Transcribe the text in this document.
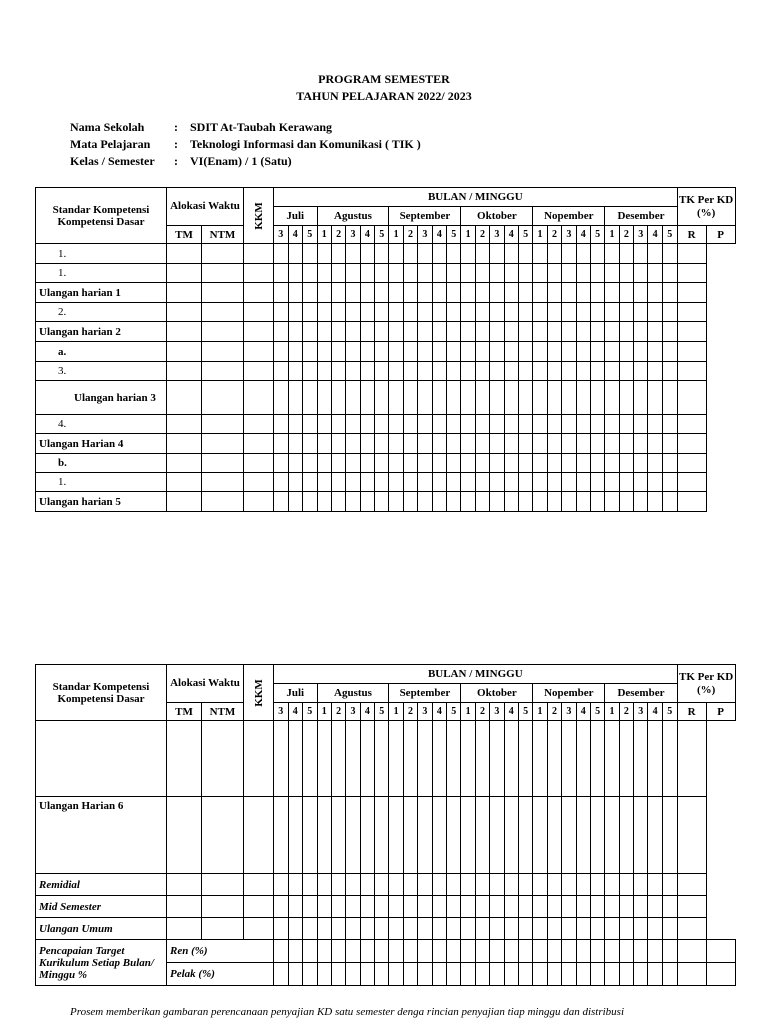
PROGRAM SEMESTER
TAHUN PELAJARAN 2022/ 2023
Nama Sekolah	:	SDIT At-Taubah Kerawang
Mata Pelajaran	:	Teknologi Informasi dan Komunikasi ( TIK )
Kelas / Semester	:	VI(Enam) / 1 (Satu)
Standar Kompetensi Kompetensi Dasar	Alokasi Waktu		KKM	BULAN / MINGGU																												TK Per KD (%)	
				Juli			Agustus					September					Oktober					Nopember					Desember						
	TM	NTM		3	4	5	1	2	3	4	5	1	2	3	4	5	1	2	3	4	5	1	2	3	4	5	1	2	3	4	5	R	P
1.																																	
1.																																	
Ulangan harian 1																																	
2.																																	
Ulangan harian 2																																	
a.																																	
3.																																	
Ulangan harian 3																																	
4.																																	
Ulangan Harian 4																																	
b.																																	
1.																																	
Ulangan harian 5																																	
Standar Kompetensi Kompetensi Dasar	Alokasi Waktu		KKM	BULAN / MINGGU																												TK Per KD (%)	
				Juli			Agustus					September					Oktober					Nopember					Desember						
	TM	NTM		3	4	5	1	2	3	4	5	1	2	3	4	5	1	2	3	4	5	1	2	3	4	5	1	2	3	4	5	R	P

Ulangan Harian 6																																	
Remidial																																	
Mid Semester																																	
Ulangan Umum																																	
Pencapaian Target Kurikulum Setiap Bulan/ Minggu %	Ren (%)																																
	Pelak (%)																																
Prosem memberikan gambaran perencanaan penyajian KD satu semester denga rincian penyajian tiap minggu dan distribusi
